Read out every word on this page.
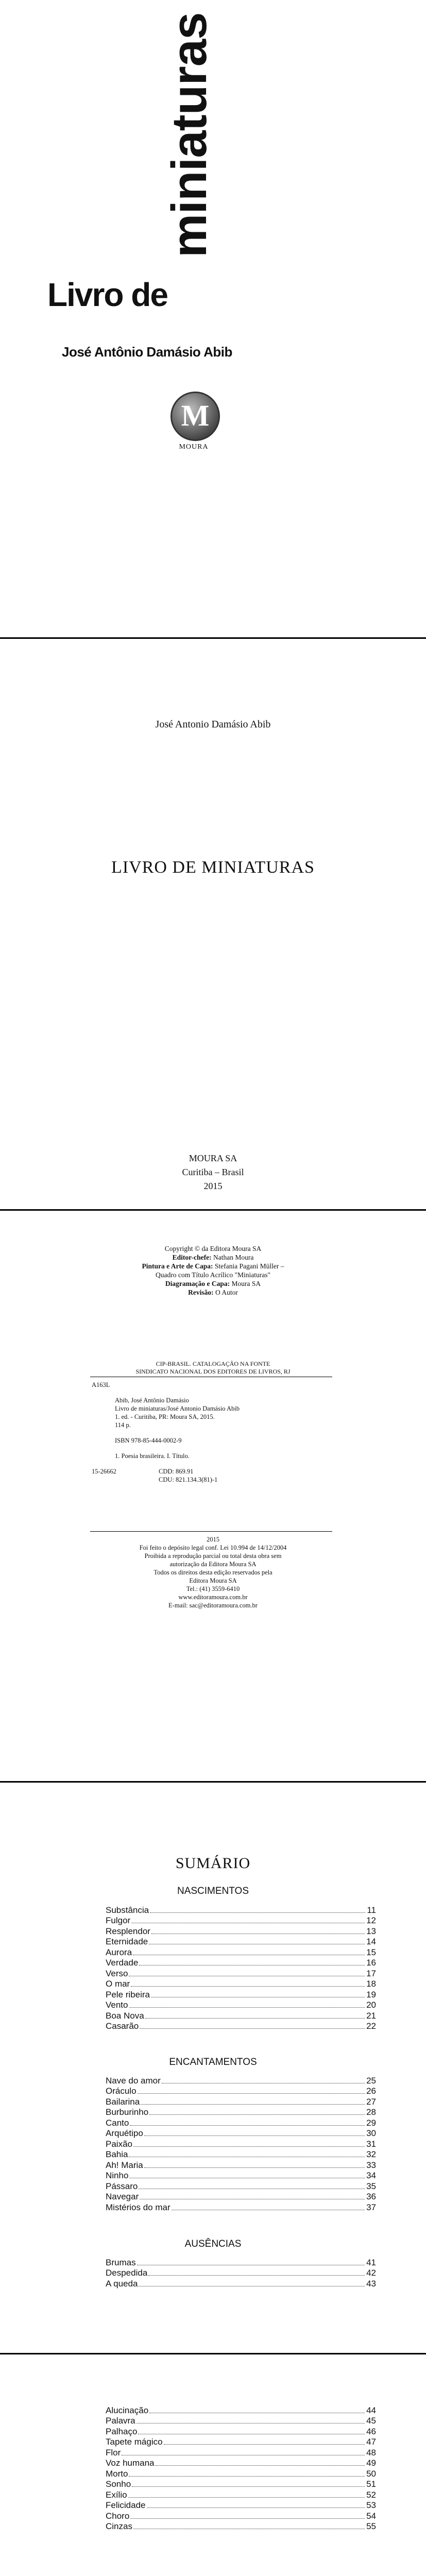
miniaturas
Livro de
José Antônio Damásio Abib
M
MOURA
José Antonio Damásio Abib
LIVRO DE MINIATURAS
MOURA SA
Curitiba – Brasil
2015
Copyright © da Editora Moura SA
Editor-chefe: Nathan Moura
Pintura e Arte de Capa: Stefania Pagani Müller –
Quadro com Título Acrílico "Miniaturas"
Diagramação e Capa: Moura SA
Revisão: O Autor
CIP-BRASIL. CATALOGAÇÃO NA FONTE
SINDICATO NACIONAL DOS EDITORES DE LIVROS, RJ
A163L
Abib, José Antônio Damásio
Livro de miniaturas/José Antonio Damásio Abib
1. ed. - Curitiba, PR: Moura SA, 2015.
114 p.
ISBN 978-85-444-0002-9
1. Poesia brasileira. I. Título.
15-26662	CDD: 869.91
CDU: 821.134.3(81)-1
2015
Foi feito o depósito legal conf. Lei 10.994 de 14/12/2004
Proibida a reprodução parcial ou total desta obra sem
autorização da Editora Moura SA
Todos os direitos desta edição reservados pela
Editora Moura SA
Tel.: (41) 3559-6410
www.editoramoura.com.br
E-mail: sac@editoramoura.com.br
SUMÁRIO
NASCIMENTOS
Substância	11
Fulgor	12
Resplendor	13
Eternidade	14
Aurora	15
Verdade	16
Verso	17
O mar	18
Pele ribeira	19
Vento	20
Boa Nova	21
Casarão	22
ENCANTAMENTOS
Nave do amor	25
Oráculo	26
Bailarina	27
Burburinho	28
Canto	29
Arquétipo	30
Paixão	31
Bahia	32
Ah! Maria	33
Ninho	34
Pássaro	35
Navegar	36
Mistérios do mar	37
AUSÊNCIAS
Brumas	41
Despedida	42
A queda	43
Alucinação	44
Palavra	45
Palhaço	46
Tapete mágico	47
Flor	48
Voz humana	49
Morto	50
Sonho	51
Exílio	52
Felicidade	53
Choro	54
Cinzas	55
